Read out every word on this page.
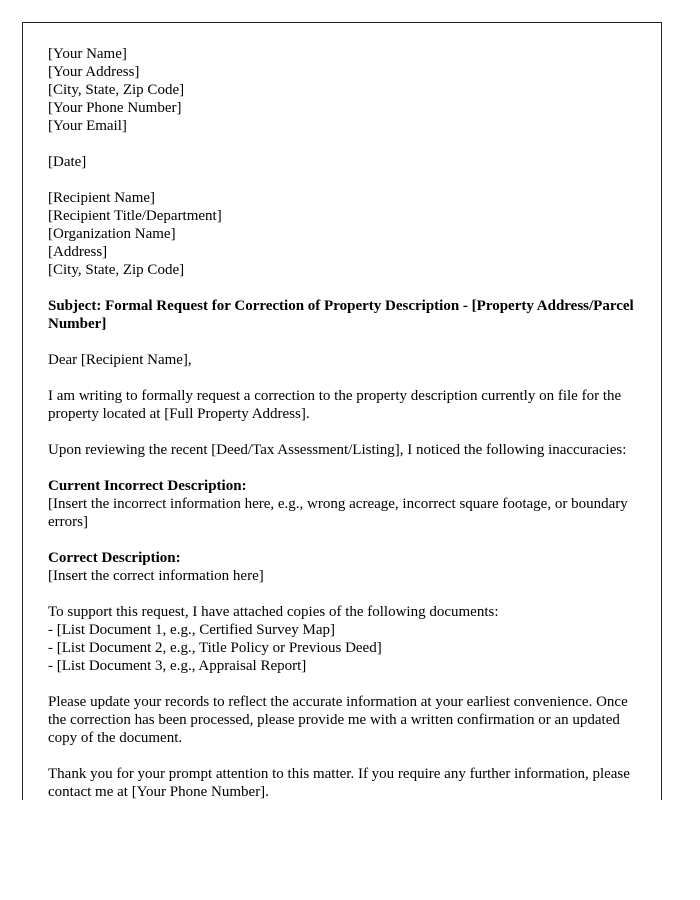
[Your Name]
[Your Address]
[City, State, Zip Code]
[Your Phone Number]
[Your Email]
[Date]
[Recipient Name]
[Recipient Title/Department]
[Organization Name]
[Address]
[City, State, Zip Code]

Subject: Formal Request for Correction of Property Description - [Property Address/Parcel Number]

Dear [Recipient Name],

I am writing to formally request a correction to the property description currently on file for the property located at [Full Property Address].

Upon reviewing the recent [Deed/Tax Assessment/Listing], I noticed the following inaccuracies:

Current Incorrect Description:

[Insert the incorrect information here, e.g., wrong acreage, incorrect square footage, or boundary errors]

Correct Description:

[Insert the correct information here]

To support this request, I have attached copies of the following documents:

- [List Document 1, e.g., Certified Survey Map]
- [List Document 2, e.g., Title Policy or Previous Deed]
- [List Document 3, e.g., Appraisal Report]

Please update your records to reflect the accurate information at your earliest convenience. Once the correction has been processed, please provide me with a written confirmation or an updated copy of the document.

Thank you for your prompt attention to this matter. If you require any further information, please contact me at [Your Phone Number].
